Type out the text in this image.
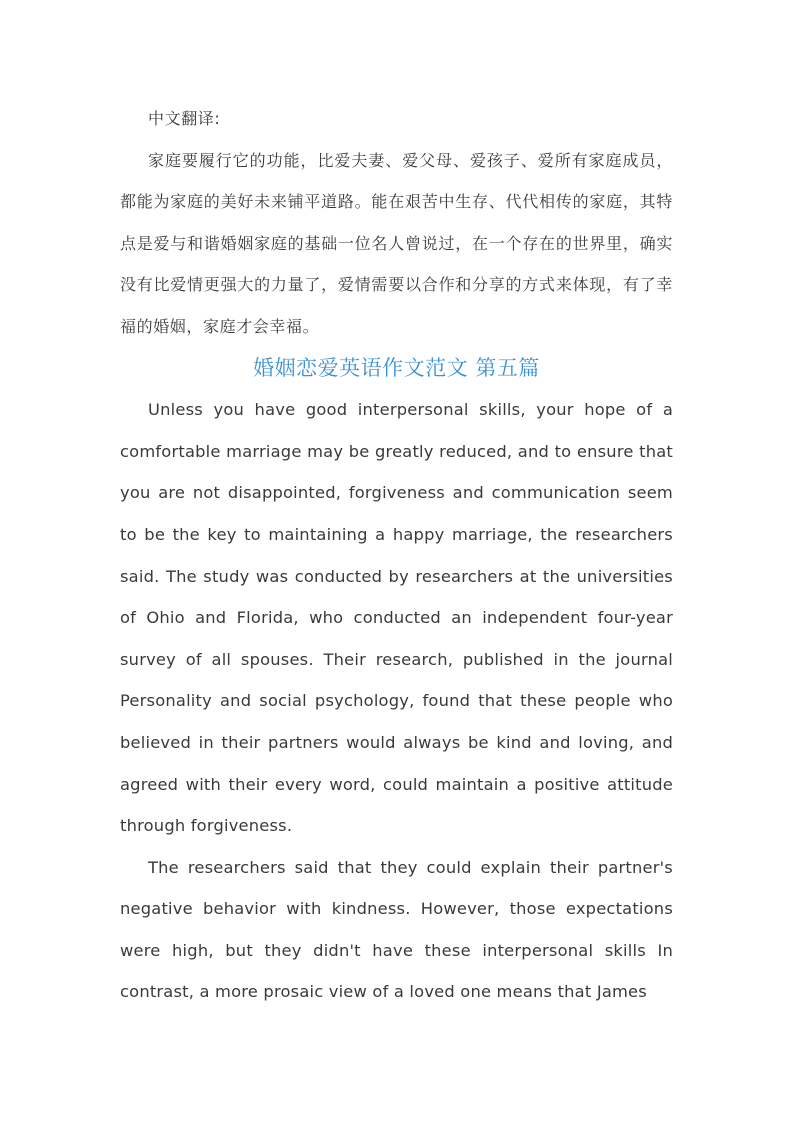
中文翻译:

家庭要履行它的功能，比爱夫妻、爱父母、爱孩子、爱所有家庭成员，都能为家庭的美好未来铺平道路。能在艰苦中生存、代代相传的家庭，其特点是爱与和谐婚姻家庭的基础一位名人曾说过，在一个存在的世界里，确实没有比爱情更强大的力量了，爱情需要以合作和分享的方式来体现，有了幸福的婚姻，家庭才会幸福。

婚姻恋爱英语作文范文 第五篇

Unless you have good interpersonal skills, your hope of a comfortable marriage may be greatly reduced, and to ensure that you are not disappointed, forgiveness and communication seem to be the key to maintaining a happy marriage, the researchers said. The study was conducted by researchers at the universities of Ohio and Florida, who conducted an independent four-year survey of all spouses. Their research, published in the journal Personality and social psychology, found that these people who believed in their partners would always be kind and loving, and agreed with their every word, could maintain a positive attitude through forgiveness.

The researchers said that they could explain their partner's negative behavior with kindness. However, those expectations were high, but they didn't have these interpersonal skills In contrast, a more prosaic view of a loved one means that James
